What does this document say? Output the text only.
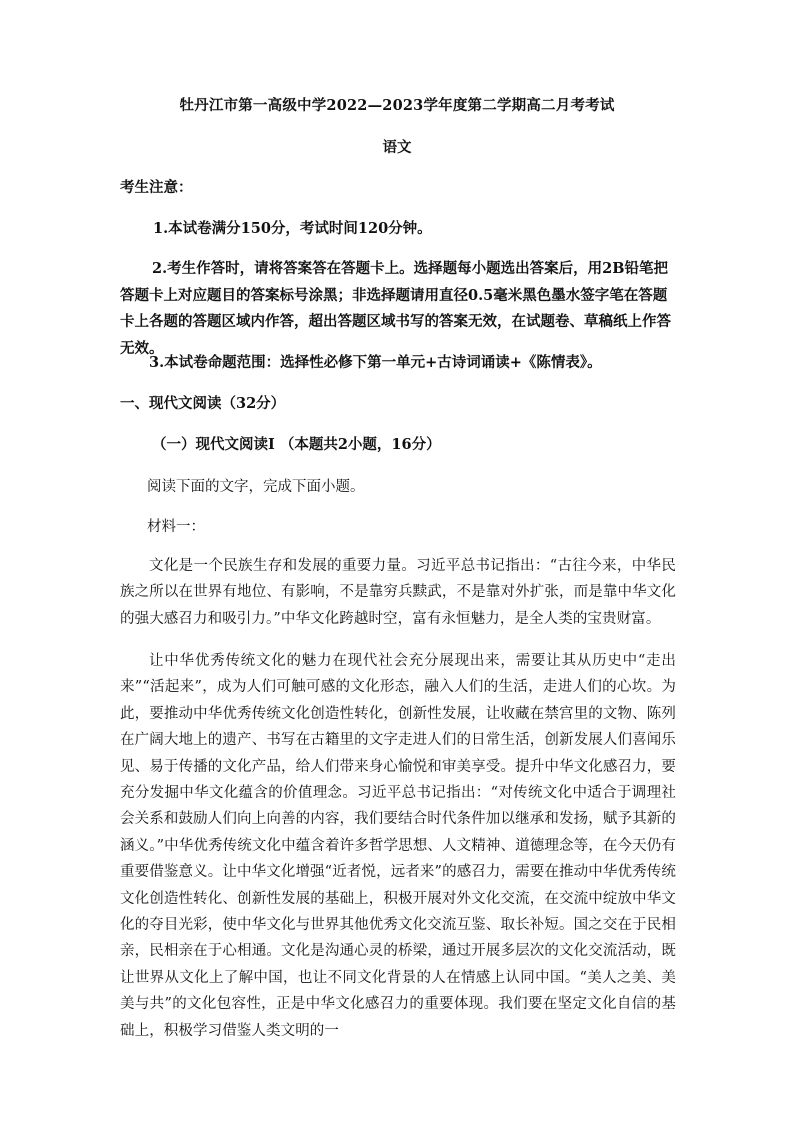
牡丹江市第一高级中学2022—2023学年度第二学期高二月考考试
语文
考生注意：
1.本试卷满分150分，考试时间120分钟。
2.考生作答时，请将答案答在答题卡上。选择题每小题选出答案后，用2B铅笔把答题卡上对应题目的答案标号涂黑；非选择题请用直径0.5毫米黑色墨水签字笔在答题卡上各题的答题区域内作答，超出答题区域书写的答案无效，在试题卷、草稿纸上作答无效。
3.本试卷命题范围：选择性必修下第一单元+古诗词诵读+《陈情表》。
一、现代文阅读（32分）
（一）现代文阅读Ⅰ （本题共2小题，16分）
阅读下面的文字，完成下面小题。
材料一：
文化是一个民族生存和发展的重要力量。习近平总书记指出：“古往今来，中华民族之所以在世界有地位、有影响，不是靠穷兵黩武，不是靠对外扩张，而是靠中华文化的强大感召力和吸引力。”中华文化跨越时空，富有永恒魅力，是全人类的宝贵财富。
让中华优秀传统文化的魅力在现代社会充分展现出来，需要让其从历史中“走出来”“活起来”，成为人们可触可感的文化形态，融入人们的生活，走进人们的心坎。为此，要推动中华优秀传统文化创造性转化，创新性发展，让收藏在禁宫里的文物、陈列在广阔大地上的遗产、书写在古籍里的文字走进人们的日常生活，创新发展人们喜闻乐见、易于传播的文化产品，给人们带来身心愉悦和审美享受。提升中华文化感召力，要充分发掘中华文化蕴含的价值理念。习近平总书记指出：“对传统文化中适合于调理社会关系和鼓励人们向上向善的内容，我们要结合时代条件加以继承和发扬，赋予其新的涵义。”中华优秀传统文化中蕴含着许多哲学思想、人文精神、道德理念等，在今天仍有重要借鉴意义。让中华文化增强“近者悦，远者来”的感召力，需要在推动中华优秀传统文化创造性转化、创新性发展的基础上，积极开展对外文化交流，在交流中绽放中华文化的夺目光彩，使中华文化与世界其他优秀文化交流互鉴、取长补短。国之交在于民相亲，民相亲在于心相通。文化是沟通心灵的桥梁，通过开展多层次的文化交流活动，既让世界从文化上了解中国，也让不同文化背景的人在情感上认同中国。“美人之美、美美与共”的文化包容性，正是中华文化感召力的重要体现。我们要在坚定文化自信的基础上，积极学习借鉴人类文明的一
